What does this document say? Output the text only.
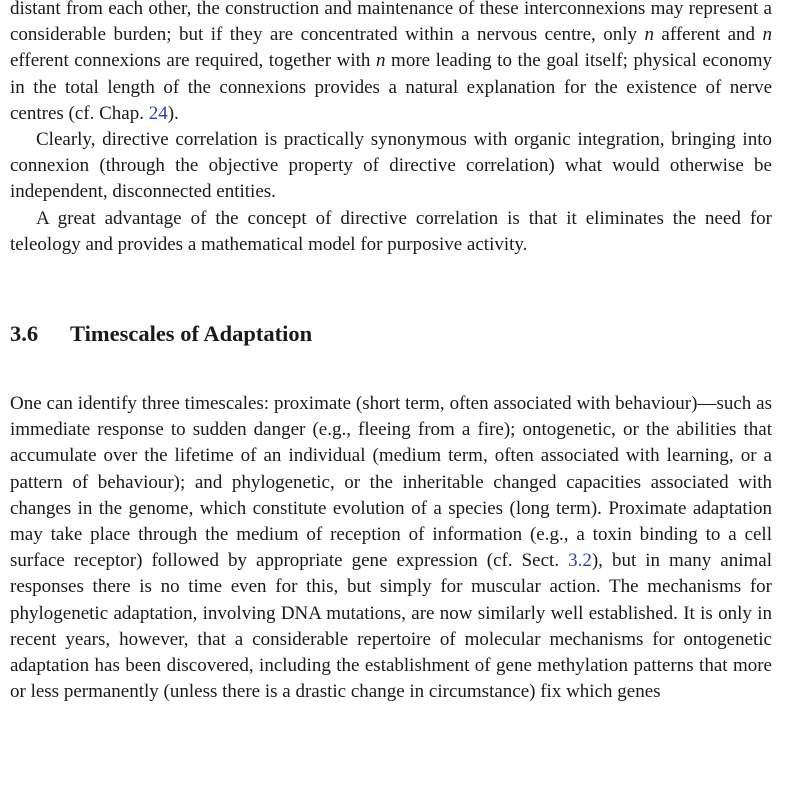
distant from each other, the construction and maintenance of these interconnexions may represent a considerable burden; but if they are concentrated within a nervous centre, only n afferent and n efferent connexions are required, together with n more leading to the goal itself; physical economy in the total length of the connexions provides a natural explanation for the existence of nerve centres (cf. Chap. 24).

Clearly, directive correlation is practically synonymous with organic integration, bringing into connexion (through the objective property of directive correlation) what would otherwise be independent, disconnected entities.

A great advantage of the concept of directive correlation is that it eliminates the need for teleology and provides a mathematical model for purposive activity.

3.6 Timescales of Adaptation

One can identify three timescales: proximate (short term, often associated with behaviour)—such as immediate response to sudden danger (e.g., fleeing from a fire); ontogenetic, or the abilities that accumulate over the lifetime of an individual (medium term, often associated with learning, or a pattern of behaviour); and phylogenetic, or the inheritable changed capacities associated with changes in the genome, which constitute evolution of a species (long term). Proximate adaptation may take place through the medium of reception of information (e.g., a toxin binding to a cell surface receptor) followed by appropriate gene expression (cf. Sect. 3.2), but in many animal responses there is no time even for this, but simply for muscular action. The mechanisms for phylogenetic adaptation, involving DNA mutations, are now similarly well established. It is only in recent years, however, that a considerable repertoire of molecular mechanisms for ontogenetic adaptation has been discovered, including the establishment of gene methylation patterns that more or less permanently (unless there is a drastic change in circumstance) fix which genes
